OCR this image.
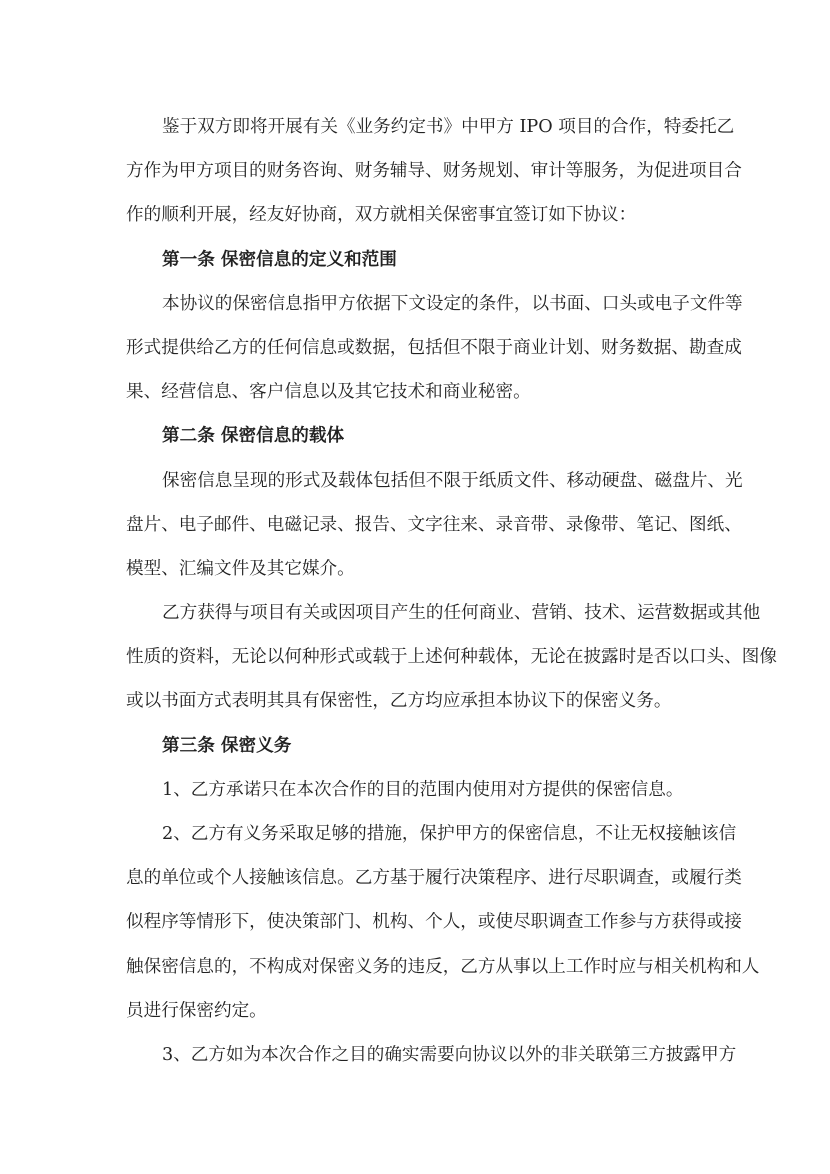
鉴于双方即将开展有关《业务约定书》中甲方 IPO 项目的合作，特委托乙
方作为甲方项目的财务咨询、财务辅导、财务规划、审计等服务，为促进项目合
作的顺利开展，经友好协商，双方就相关保密事宜签订如下协议：
第一条 保密信息的定义和范围
本协议的保密信息指甲方依据下文设定的条件，以书面、口头或电子文件等
形式提供给乙方的任何信息或数据，包括但不限于商业计划、财务数据、勘查成
果、经营信息、客户信息以及其它技术和商业秘密。
第二条 保密信息的载体
保密信息呈现的形式及载体包括但不限于纸质文件、移动硬盘、磁盘片、光
盘片、电子邮件、电磁记录、报告、文字往来、录音带、录像带、笔记、图纸、
模型、汇编文件及其它媒介。
乙方获得与项目有关或因项目产生的任何商业、营销、技术、运营数据或其他
性质的资料，无论以何种形式或载于上述何种载体，无论在披露时是否以口头、图像
或以书面方式表明其具有保密性，乙方均应承担本协议下的保密义务。
第三条 保密义务
1、乙方承诺只在本次合作的目的范围内使用对方提供的保密信息。
2、乙方有义务采取足够的措施，保护甲方的保密信息，不让无权接触该信
息的单位或个人接触该信息。乙方基于履行决策程序、进行尽职调查，或履行类
似程序等情形下，使决策部门、机构、个人，或使尽职调查工作参与方获得或接
触保密信息的，不构成对保密义务的违反，乙方从事以上工作时应与相关机构和人
员进行保密约定。
3、乙方如为本次合作之目的确实需要向协议以外的非关联第三方披露甲方
